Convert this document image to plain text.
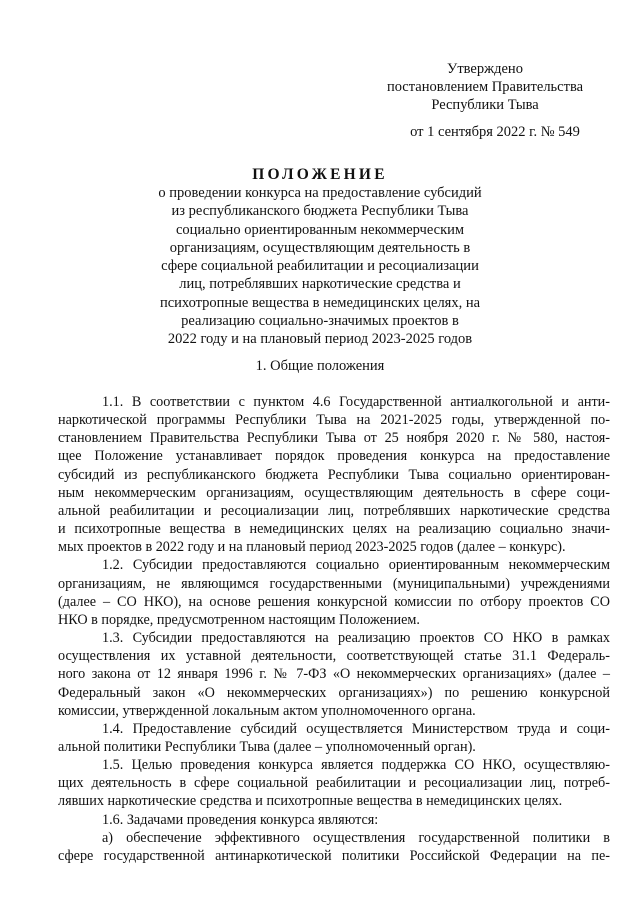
Утверждено
постановлением Правительства
Республики Тыва
от 1 сентября 2022 г. № 549
ПОЛОЖЕНИЕ
о проведении конкурса на предоставление субсидий
из республиканского бюджета Республики Тыва
социально ориентированным некоммерческим
организациям, осуществляющим деятельность в
сфере социальной реабилитации и ресоциализации
лиц, потреблявших наркотические средства и
психотропные вещества в немедицинских целях, на
реализацию социально-значимых проектов в
2022 году и на плановый период 2023-2025 годов
1. Общие положения
1.1. В соответствии с пунктом 4.6 Государственной антиалкогольной и анти-
наркотической программы Республики Тыва на 2021-2025 годы, утвержденной по-
становлением Правительства Республики Тыва от 25 ноября 2020 г. № 580, настоя-
щее Положение устанавливает порядок проведения конкурса на предоставление
субсидий из республиканского бюджета Республики Тыва социально ориентирован-
ным некоммерческим организациям, осуществляющим деятельность в сфере соци-
альной реабилитации и ресоциализации лиц, потреблявших наркотические средства
и психотропные вещества в немедицинских целях на реализацию социально значи-
мых проектов в 2022 году и на плановый период 2023-2025 годов (далее – конкурс).
1.2. Субсидии предоставляются социально ориентированным некоммерческим
организациям, не являющимся государственными (муниципальными) учреждениями
(далее – СО НКО), на основе решения конкурсной комиссии по отбору проектов СО
НКО в порядке, предусмотренном настоящим Положением.
1.3. Субсидии предоставляются на реализацию проектов СО НКО в рамках
осуществления их уставной деятельности, соответствующей статье 31.1 Федераль-
ного закона от 12 января 1996 г. № 7-ФЗ «О некоммерческих организациях» (далее –
Федеральный закон «О некоммерческих организациях») по решению конкурсной
комиссии, утвержденной локальным актом уполномоченного органа.
1.4. Предоставление субсидий осуществляется Министерством труда и соци-
альной политики Республики Тыва (далее – уполномоченный орган).
1.5. Целью проведения конкурса является поддержка СО НКО, осуществляю-
щих деятельность в сфере социальной реабилитации и ресоциализации лиц, потреб-
лявших наркотические средства и психотропные вещества в немедицинских целях.
1.6. Задачами проведения конкурса являются:
а) обеспечение эффективного осуществления государственной политики в
сфере государственной антинаркотической политики Российской Федерации на пе-
